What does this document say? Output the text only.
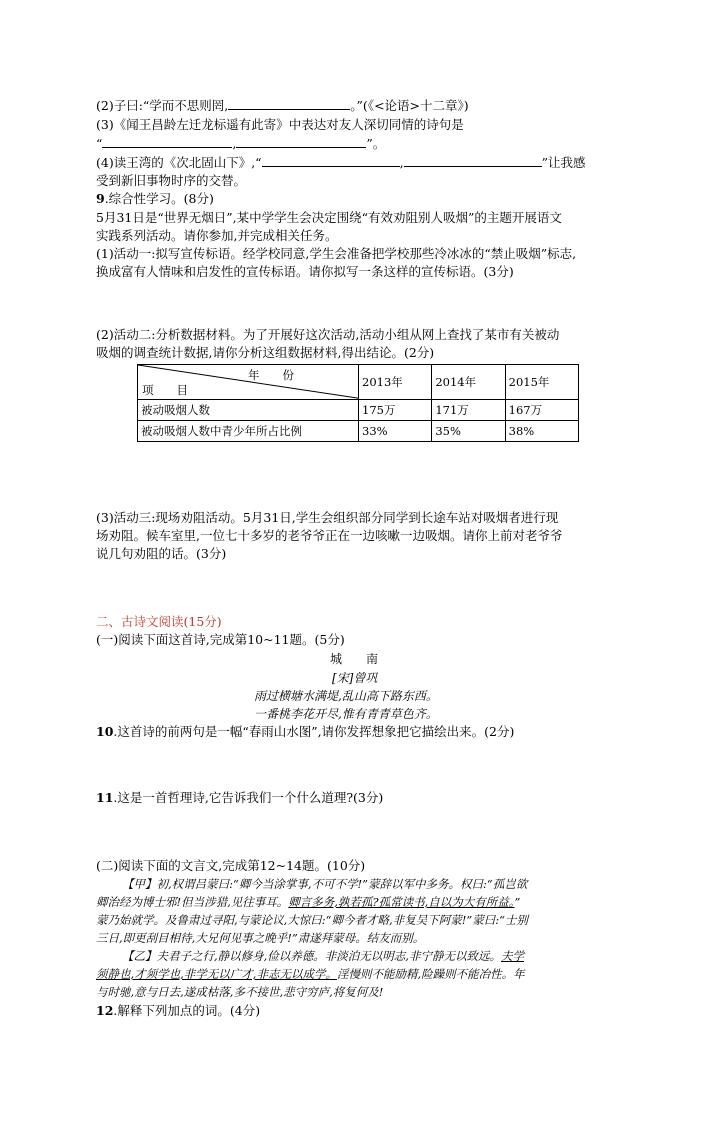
(2)子曰:“学而不思则罔,	。”(《<论语>十二章》)
(3)《闻王昌龄左迁龙标遥有此寄》中表达对友人深切同情的诗句是
“	,	”。
(4)读王湾的《次北固山下》,“	,	”让我感
受到新旧事物时序的交替。
9.综合性学习。(8分)
5月31日是“世界无烟日”,某中学学生会决定围绕“有效劝阻别人吸烟”的主题开展语文
实践系列活动。请你参加,并完成相关任务。
(1)活动一:拟写宣传标语。经学校同意,学生会准备把学校那些冷冰冰的“禁止吸烟”标志,
换成富有人情味和启发性的宣传标语。请你拟写一条这样的宣传标语。(3分)
(2)活动二:分析数据材料。为了开展好这次活动,活动小组从网上查找了某市有关被动
吸烟的调查统计数据,请你分析这组数据材料,得出结论。(2分)
年　　份
项　　目	2013年	2014年	2015年
被动吸烟人数	175万	171万	167万
被动吸烟人数中青少年所占比例	33%	35%	38%
(3)活动三:现场劝阻活动。5月31日,学生会组织部分同学到长途车站对吸烟者进行现
场劝阻。候车室里,一位七十多岁的老爷爷正在一边咳嗽一边吸烟。请你上前对老爷爷
说几句劝阻的话。(3分)
二、古诗文阅读(15分)
(一)阅读下面这首诗,完成第10~11题。(5分)
城　　南
[宋]曾巩
雨过横塘水满堤,乱山高下路东西。
一番桃李花开尽,惟有青青草色齐。
10.这首诗的前两句是一幅“春雨山水图”,请你发挥想象把它描绘出来。(2分)
11.这是一首哲理诗,它告诉我们一个什么道理?(3分)
(二)阅读下面的文言文,完成第12~14题。(10分)
【甲】初,权谓吕蒙曰:“卿今当涂掌事,不可不学!”蒙辞以军中多务。权曰:“孤岂欲
卿治经为博士邪!但当涉猎,见往事耳。卿言多务,孰若孤?孤常读书,自以为大有所益。”
蒙乃始就学。及鲁肃过寻阳,与蒙论议,大惊曰:“卿今者才略,非复吴下阿蒙!”蒙曰:“士别
三日,即更刮目相待,大兄何见事之晚乎!”肃遂拜蒙母。结友而别。
【乙】夫君子之行,静以修身,俭以养德。非淡泊无以明志,非宁静无以致远。夫学
须静也,才须学也,非学无以广才,非志无以成学。淫慢则不能励精,险躁则不能冶性。年
与时驰,意与日去,遂成枯落,多不接世,悲守穷庐,将复何及!
12.解释下列加点的词。(4分)
